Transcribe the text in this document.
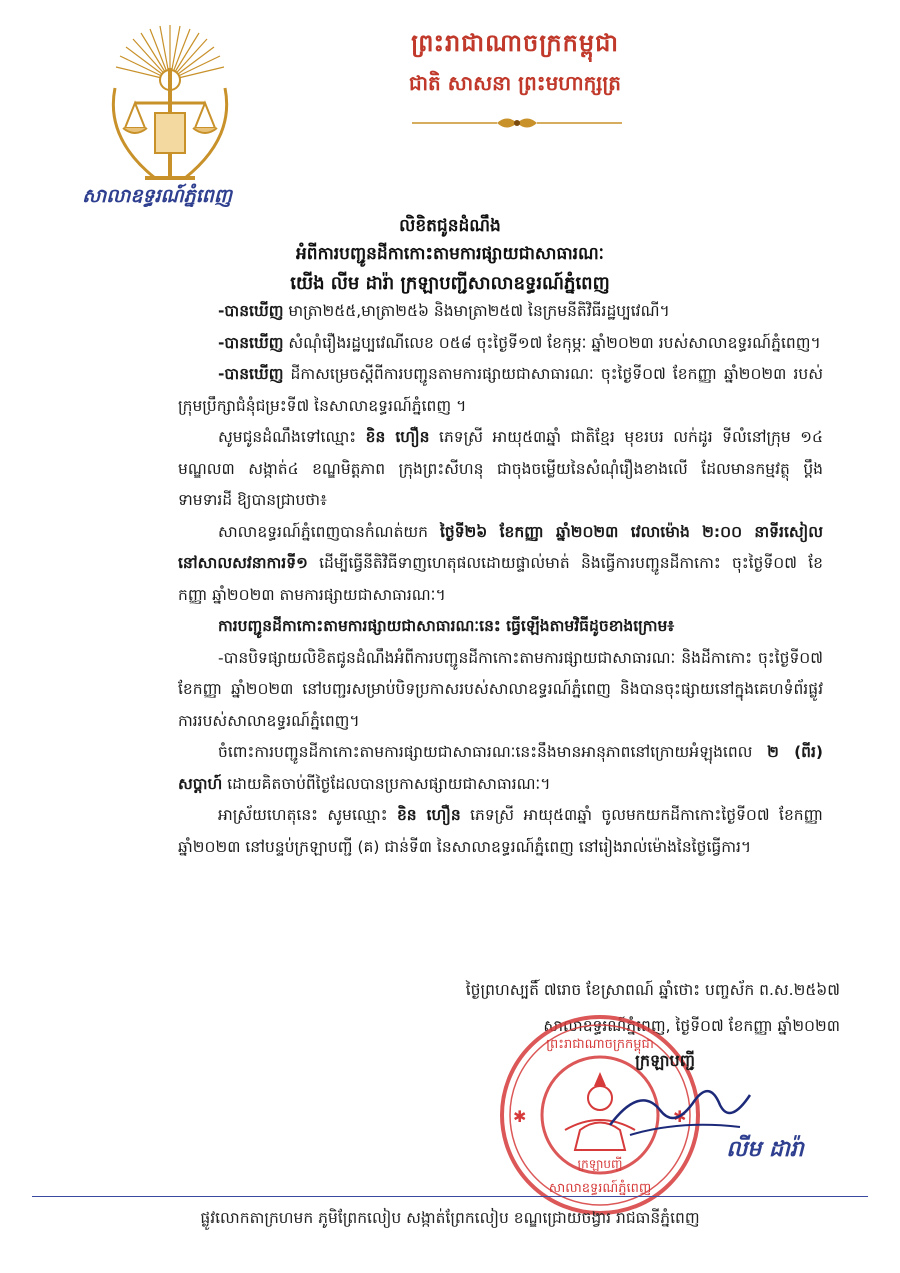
សាលាឧទ្ធរណ៍ភ្នំពេញ
ព្រះរាជាណាចក្រកម្ពុជា
ជាតិ សាសនា ព្រះមហាក្សត្រ
លិខិតជូនដំណឹង
អំពីការបញ្ជូនដីកាកោះតាមការផ្សាយជាសាធារណៈ
យើង លីម ដារ៉ា ក្រឡាបញ្ជីសាលាឧទ្ធរណ៍ភ្នំពេញ

-បានឃើញ មាត្រា២៥៥,មាត្រា២៥៦ និងមាត្រា២៥៧ នៃក្រមនីតិវិធីរដ្ឋប្បវេណី។

-បានឃើញ សំណុំរឿងរដ្ឋប្បវេណីលេខ ០៥៨ ចុះថ្ងៃទី១៧ ខែកុម្ភៈ ឆ្នាំ២០២៣ របស់សាលាឧទ្ធរណ៍ភ្នំពេញ។

-បានឃើញ ដីកាសម្រេចស្តីពីការបញ្ជូនតាមការផ្សាយជាសាធារណៈ ចុះថ្ងៃទី០៧ ខែកញ្ញា ឆ្នាំ២០២៣ របស់ក្រុមប្រឹក្សាជំនុំជម្រះទី៧ នៃសាលាឧទ្ធរណ៍ភ្នំពេញ ។

សូមជូនដំណឹងទៅឈ្មោះ ខិន ហឿន ភេទស្រី អាយុ៥៣ឆ្នាំ ជាតិខ្មែរ មុខរបរ លក់ដូរ ទីលំនៅក្រុម ១៤ មណ្ឌល៣ សង្កាត់៤ ខណ្ឌមិត្តភាព ក្រុងព្រះសីហនុ ជាចុងចម្លើយនៃសំណុំរឿងខាងលើ ដែលមានកម្មវត្ថុ ប្តឹងទាមទារដី ឱ្យបានជ្រាបថា៖

សាលាឧទ្ធរណ៍ភ្នំពេញបានកំណត់យក ថ្ងៃទី២៦ ខែកញ្ញា ឆ្នាំ២០២៣ វេលាម៉ោង ២:០០ នាទីរសៀល នៅសាលសវនាការទី១ ដើម្បីធ្វើនីតិវិធីទាញហេតុផលដោយផ្ទាល់មាត់ និងធ្វើការបញ្ជូនដីកាកោះ ចុះថ្ងៃទី០៧ ខែកញ្ញា ឆ្នាំ២០២៣ តាមការផ្សាយជាសាធារណៈ។

ការបញ្ជូនដីកាកោះតាមការផ្សាយជាសាធារណៈនេះ ធ្វើឡើងតាមវិធីដូចខាងក្រោម៖

-បានបិទផ្សាយលិខិតជូនដំណឹងអំពីការបញ្ជូនដីកាកោះតាមការផ្សាយជាសាធារណៈ និងដីកាកោះ ចុះថ្ងៃទី០៧ ខែកញ្ញា ឆ្នាំ២០២៣ នៅបញ្ជរសម្រាប់បិទប្រកាសរបស់សាលាឧទ្ធរណ៍ភ្នំពេញ និងបានចុះផ្សាយនៅក្នុងគេហទំព័រផ្លូវការរបស់សាលាឧទ្ធរណ៍ភ្នំពេញ។

ចំពោះការបញ្ជូនដីកាកោះតាមការផ្សាយជាសាធារណៈនេះនឹងមានអានុភាពនៅក្រោយអំឡុងពេល ២ (ពីរ) សប្តាហ៍ ដោយគិតចាប់ពីថ្ងៃដែលបានប្រកាសផ្សាយជាសាធារណៈ។

អាស្រ័យហេតុនេះ សូមឈ្មោះ ខិន ហឿន ភេទស្រី អាយុ៥៣ឆ្នាំ ចូលមកយកដីកាកោះថ្ងៃទី០៧ ខែកញ្ញា ឆ្នាំ២០២៣ នៅបន្ទប់ក្រឡាបញ្ជី (គ) ជាន់ទី៣ នៃសាលាឧទ្ធរណ៍ភ្នំពេញ នៅរៀងរាល់ម៉ោងនៃថ្ងៃធ្វើការ។

ថ្ងៃព្រហស្បតិ៍ ៧រោច ខែស្រាពណ៍ ឆ្នាំថោះ បញ្ចស័ក ព.ស.២៥៦៧
សាលាឧទ្ធរណ៍ភ្នំពេញ, ថ្ងៃទី០៧ ខែកញ្ញា ឆ្នាំ២០២៣
✱	✱
ព្រះរាជាណាចក្រកម្ពុជា
ក្រឡាបញ្ជី
សាលាឧទ្ធរណ៍ភ្នំពេញ
ក្រឡាបញ្ជី
លីម ដារ៉ា
ផ្លូវលោកតាក្រហមក ភូមិព្រែកលៀប សង្កាត់ព្រែកលៀប ខណ្ឌជ្រោយចង្វារ រាជធានីភ្នំពេញ
